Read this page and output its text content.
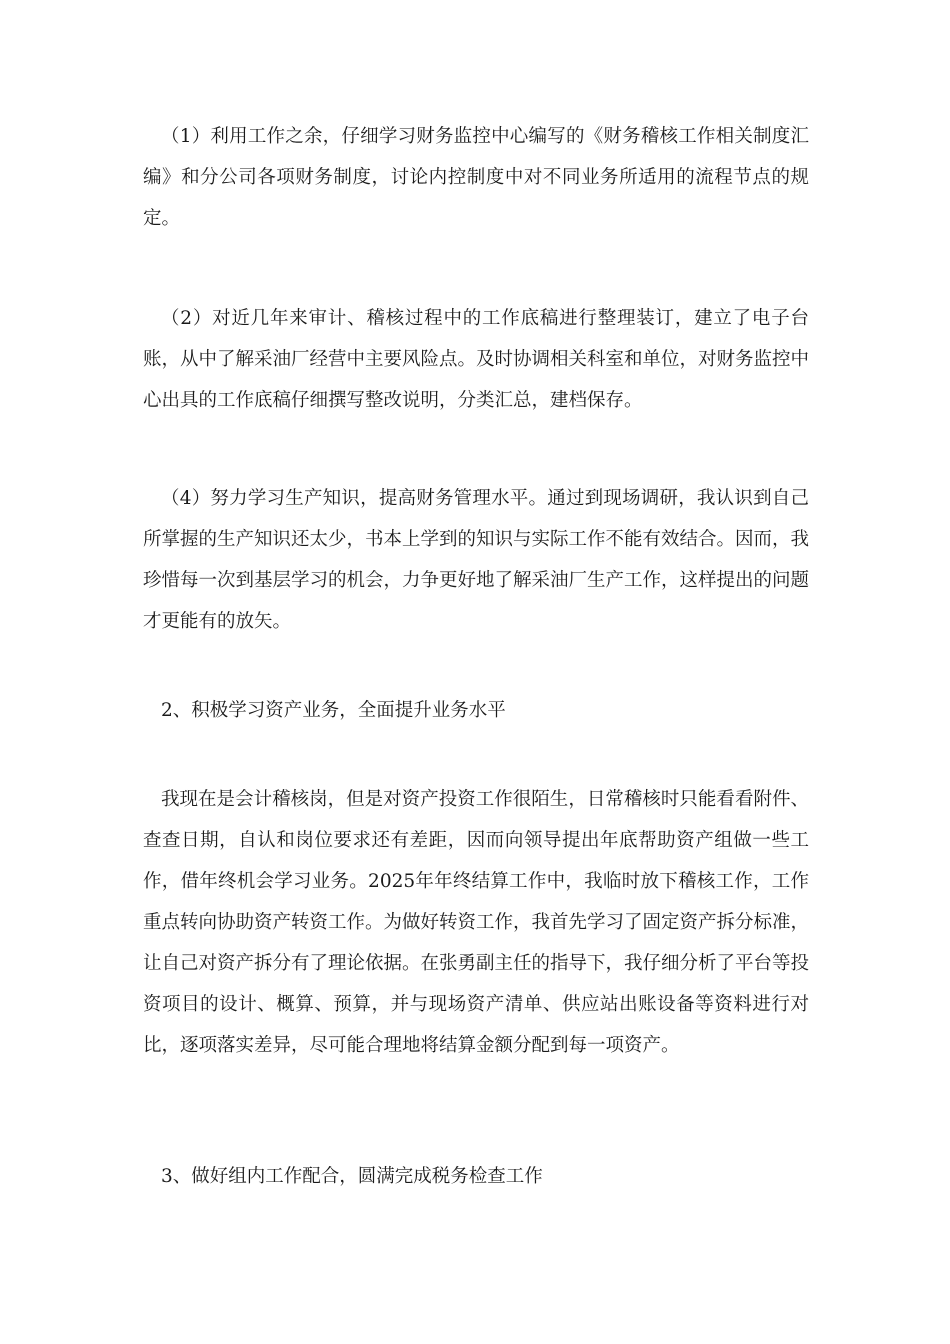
（1）利用工作之余，仔细学习财务监控中心编写的《财务稽核工作相关制度汇编》和分公司各项财务制度，讨论内控制度中对不同业务所适用的流程节点的规定。

（2）对近几年来审计、稽核过程中的工作底稿进行整理装订，建立了电子台账，从中了解采油厂经营中主要风险点。及时协调相关科室和单位，对财务监控中心出具的工作底稿仔细撰写整改说明，分类汇总，建档保存。

（4）努力学习生产知识，提高财务管理水平。通过到现场调研，我认识到自己所掌握的生产知识还太少，书本上学到的知识与实际工作不能有效结合。因而，我珍惜每一次到基层学习的机会，力争更好地了解采油厂生产工作，这样提出的问题才更能有的放矢。

2、积极学习资产业务，全面提升业务水平

我现在是会计稽核岗，但是对资产投资工作很陌生，日常稽核时只能看看附件、查查日期，自认和岗位要求还有差距，因而向领导提出年底帮助资产组做一些工作，借年终机会学习业务。2025年年终结算工作中，我临时放下稽核工作，工作重点转向协助资产转资工作。为做好转资工作，我首先学习了固定资产拆分标准，让自己对资产拆分有了理论依据。在张勇副主任的指导下，我仔细分析了平台等投资项目的设计、概算、预算，并与现场资产清单、供应站出账设备等资料进行对比，逐项落实差异，尽可能合理地将结算金额分配到每一项资产。

3、做好组内工作配合，圆满完成税务检查工作
